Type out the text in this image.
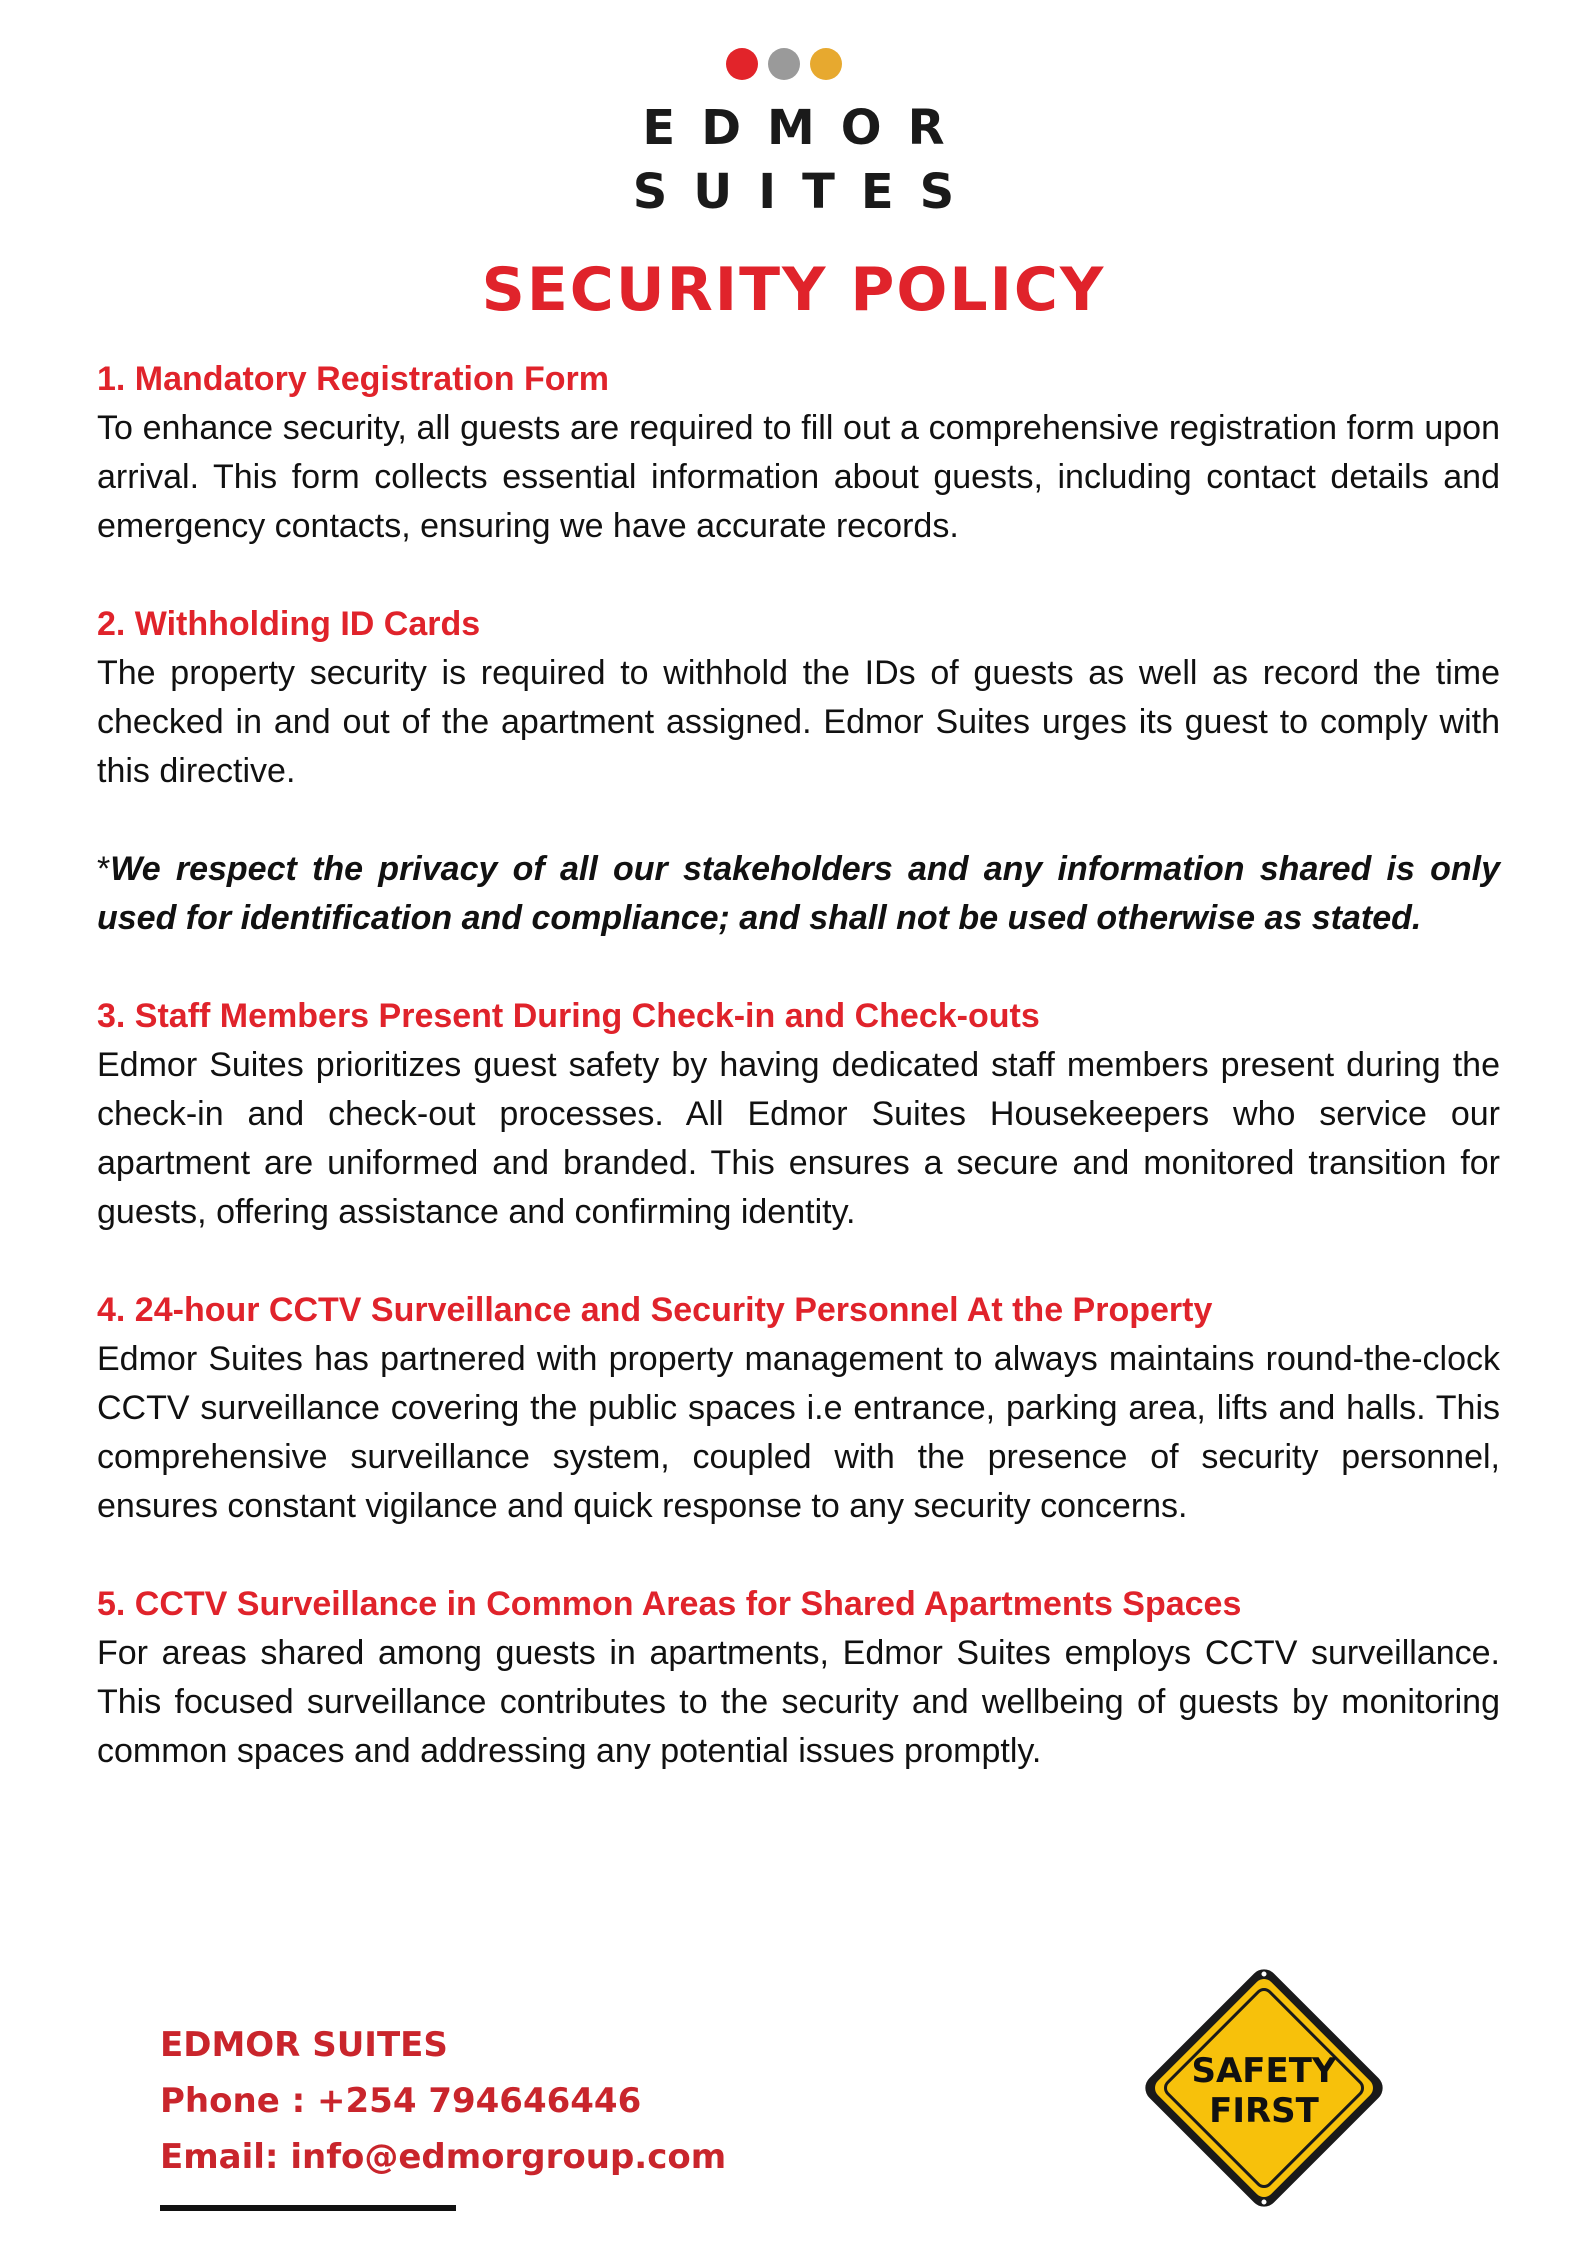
EDMOR
SUITES
SECURITY POLICY

1. Mandatory Registration Form

To enhance security, all guests are required to fill out a comprehensive registration form upon arrival. This form collects essential information about guests, including contact details and emergency contacts, ensuring we have accurate records.

2. Withholding ID Cards

The property security is required to withhold the IDs of guests as well as record the time checked in and out of the apartment assigned. Edmor Suites urges its guest to comply with this directive.

*We respect the privacy of all our stakeholders and any information shared is only used for identification and compliance; and shall not be used otherwise as stated.

3. Staff Members Present During Check-in and Check-outs

Edmor Suites prioritizes guest safety by having dedicated staff members present during the check-in and check-out processes. All Edmor Suites Housekeepers who service our apartment are uniformed and branded. This ensures a secure and monitored transition for guests, offering assistance and confirming identity.

4. 24-hour CCTV Surveillance and Security Personnel At the Property

Edmor Suites has partnered with property management to always maintains round-the-clock CCTV surveillance covering the public spaces i.e entrance, parking area, lifts and halls. This comprehensive surveillance system, coupled with the presence of security personnel, ensures constant vigilance and quick response to any security concerns.

5. CCTV Surveillance in Common Areas for Shared Apartments Spaces

For areas shared among guests in apartments, Edmor Suites employs CCTV surveillance. This focused surveillance contributes to the security and wellbeing of guests by monitoring common spaces and addressing any potential issues promptly.

EDMOR SUITES
Phone : +254 794646446
Email: info@edmorgroup.com
SAFETY
FIRST
